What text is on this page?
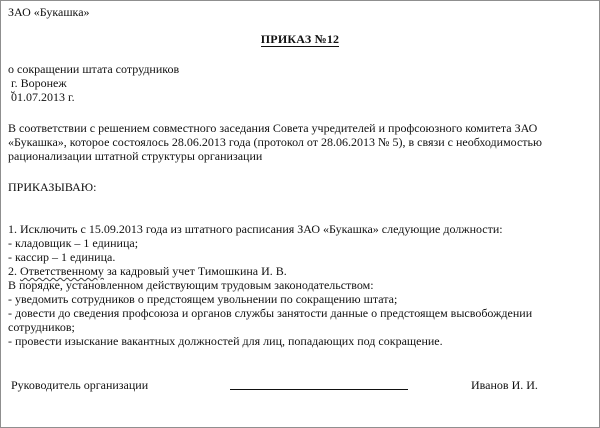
ЗАО «Букашка»
ПРИКАЗ №12
о сокращении штата сотрудников
г. Воронеж
01.07.2013 г.
В соответствии с решением совместного заседания Совета учредителей и профсоюзного комитета ЗАО
«Букашка», которое состоялось 28.06.2013 года (протокол от 28.06.2013 № 5), в связи с необходимостью
рационализации штатной структуры организации
ПРИКАЗЫВАЮ:
1. Исключить с 15.09.2013 года из штатного расписания ЗАО «Букашка» следующие должности:
- кладовщик – 1 единица;
- кассир – 1 единица.
2. Ответственному за кадровый учет Тимошкина И. В.
В порядке, установленном действующим трудовым законодательством:
- уведомить сотрудников о предстоящем увольнении по сокращению штата;
- довести до сведения профсоюза и органов службы занятости данные о предстоящем высвобождении
сотрудников;
- провести изыскание вакантных должностей для лиц, попадающих под сокращение.
Руководитель организации	Иванов И. И.
